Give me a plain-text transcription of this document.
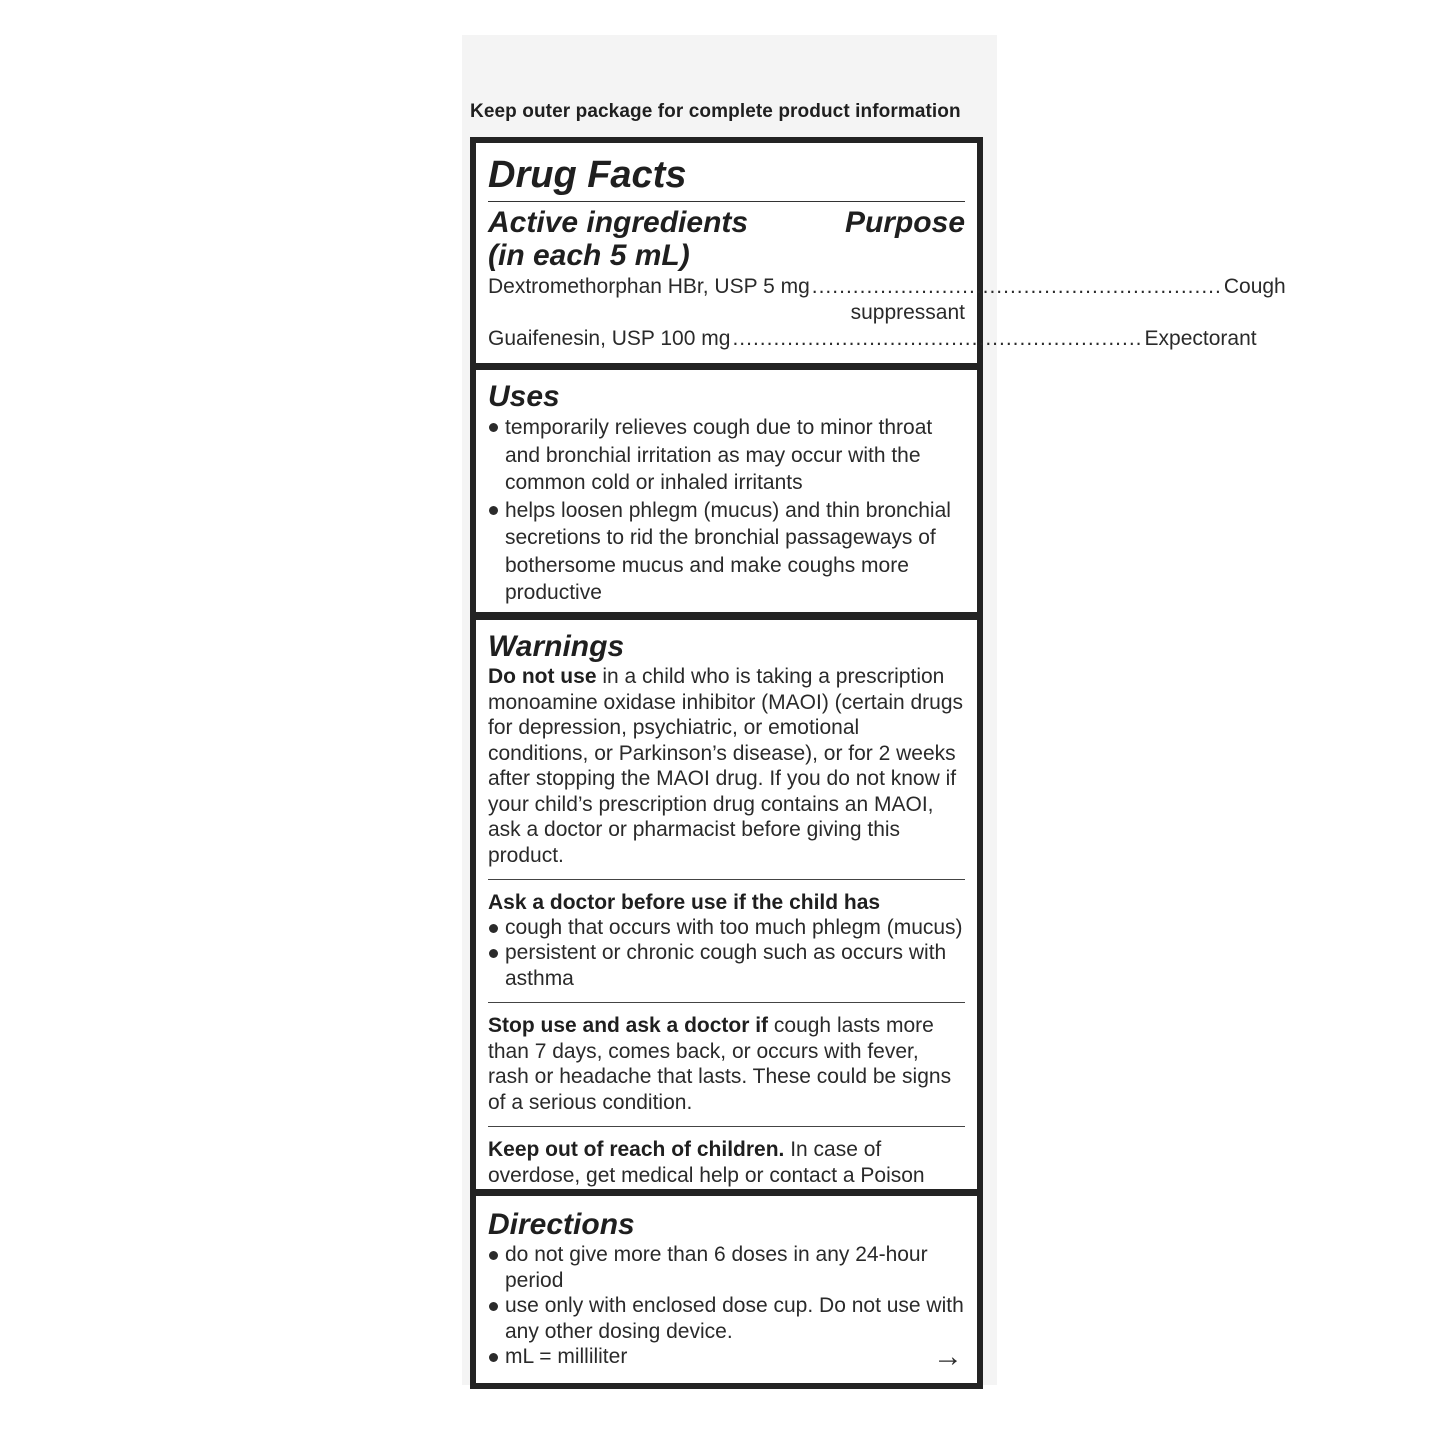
Keep outer package for complete product information
Drug Facts
Active ingredients
(in each 5 mL)
Purpose
Dextromethorphan HBr, USP 5 mg ............................................................ Cough
suppressant
Guaifenesin, USP 100 mg ............................................................ Expectorant
Uses
temporarily relieves cough due to minor throat and bronchial irritation as may occur with the common cold or inhaled irritants
helps loosen phlegm (mucus) and thin bronchial secretions to rid the bronchial passageways of bothersome mucus and make coughs more productive
Warnings
Do not use in a child who is taking a prescription monoamine oxidase inhibitor (MAOI) (certain drugs for depression, psychiatric, or emotional conditions, or Parkinson’s disease), or for 2 weeks after stopping the MAOI drug. If you do not know if your child’s prescription drug contains an MAOI, ask a doctor or pharmacist before giving this product.
Ask a doctor before use if the child has
cough that occurs with too much phlegm (mucus)
persistent or chronic cough such as occurs with asthma
Stop use and ask a doctor if cough lasts more than 7 days, comes back, or occurs with fever, rash or headache that lasts. These could be signs of a serious condition.
Keep out of reach of children. In case of overdose, get medical help or contact a Poison
Directions
do not give more than 6 doses in any 24-hour period
use only with enclosed dose cup. Do not use with any other dosing device.
mL = milliliter	→
